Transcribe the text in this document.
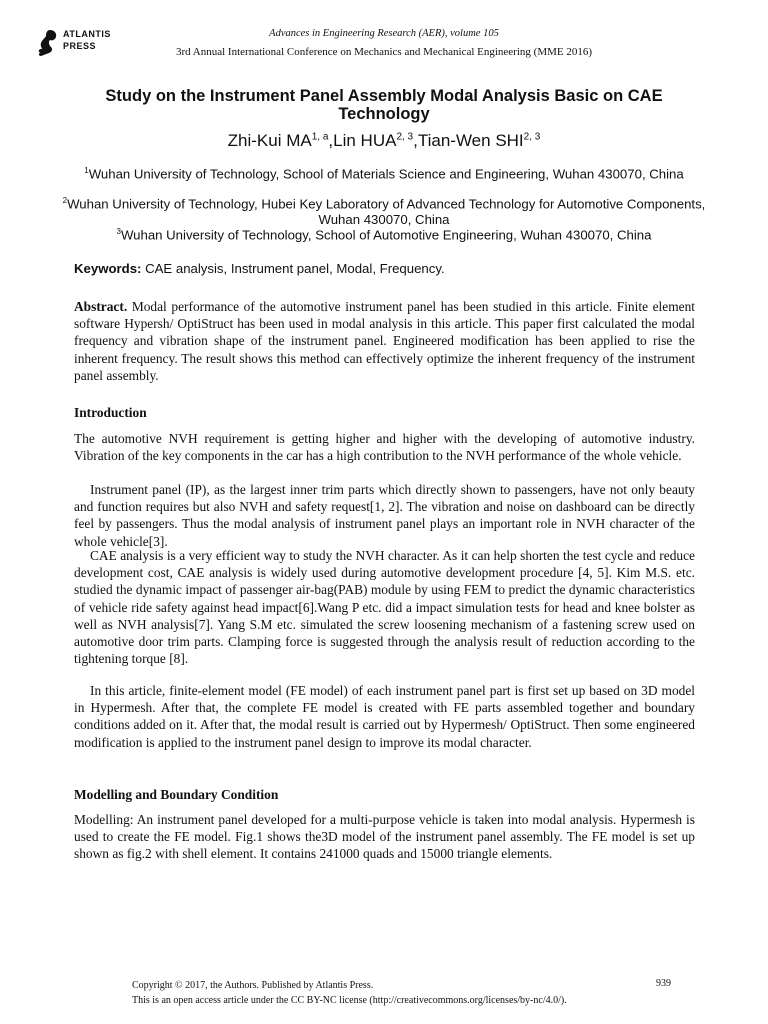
ATLANTIS
PRESS
Advances in Engineering Research (AER), volume 105
3rd Annual International Conference on Mechanics and Mechanical Engineering (MME 2016)
Study on the Instrument Panel Assembly Modal Analysis Basic on CAE Technology
Zhi-Kui MA$^{1, a}$,Lin HUA$^{2, 3}$,Tian-Wen SHI$^{2, 3}$
$^1$Wuhan University of Technology, School of Materials Science and Engineering, Wuhan 430070, China
$^2$Wuhan University of Technology, Hubei Key Laboratory of Advanced Technology for Automotive Components, Wuhan 430070, China
$^3$Wuhan University of Technology, School of Automotive Engineering, Wuhan 430070, China
Keywords: CAE analysis, Instrument panel, Modal, Frequency.
Abstract. Modal performance of the automotive instrument panel has been studied in this article. Finite element software Hypersh/ OptiStruct has been used in modal analysis in this article. This paper first calculated the modal frequency and vibration shape of the instrument panel. Engineered modification has been applied to rise the inherent frequency. The result shows this method can effectively optimize the inherent frequency of the instrument panel assembly.
Introduction
The automotive NVH requirement is getting higher and higher with the developing of automotive industry. Vibration of the key components in the car has a high contribution to the NVH performance of the whole vehicle.
Instrument panel (IP), as the largest inner trim parts which directly shown to passengers, have not only beauty and function requires but also NVH and safety request[1, 2]. The vibration and noise on dashboard can be directly feel by passengers. Thus the modal analysis of instrument panel plays an important role in NVH character of the whole vehicle[3].
CAE analysis is a very efficient way to study the NVH character. As it can help shorten the test cycle and reduce development cost, CAE analysis is widely used during automotive development procedure [4, 5]. Kim M.S. etc. studied the dynamic impact of passenger air-bag(PAB) module by using FEM to predict the dynamic characteristics of vehicle ride safety against head impact[6].Wang P etc. did a impact simulation tests for head and knee bolster as well as NVH analysis[7]. Yang S.M etc. simulated the screw loosening mechanism of a fastening screw used on automotive door trim parts. Clamping force is suggested through the analysis result of reduction according to the tightening torque [8].
In this article, finite-element model (FE model) of each instrument panel part is first set up based on 3D model in Hypermesh. After that, the complete FE model is created with FE parts assembled together and boundary conditions added on it. After that, the modal result is carried out by Hypermesh/ OptiStruct. Then some engineered modification is applied to the instrument panel design to improve its modal character.
Modelling and Boundary Condition
Modelling: An instrument panel developed for a multi-purpose vehicle is taken into modal analysis. Hypermesh is used to create the FE model. Fig.1 shows the3D model of the instrument panel assembly. The FE model is set up shown as fig.2 with shell element. It contains 241000 quads and 15000 triangle elements.
Copyright © 2017, the Authors. Published by Atlantis Press.
This is an open access article under the CC BY-NC license (http://creativecommons.org/licenses/by-nc/4.0/).
939
